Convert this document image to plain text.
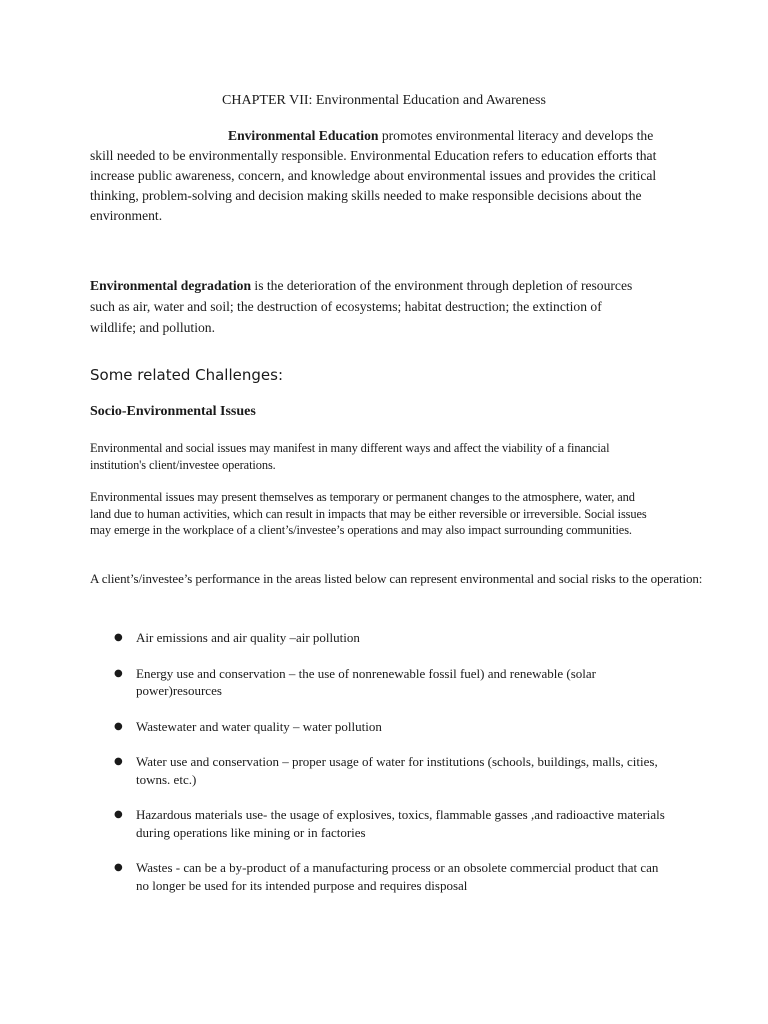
CHAPTER VII: Environmental Education and Awareness

Environmental Education promotes environmental literacy and develops the skill needed to be environmentally responsible. Environmental Education refers to education efforts that increase public awareness, concern, and knowledge about environmental issues and provides the critical thinking, problem-solving and decision making skills needed to make responsible decisions about the environment.

Environmental degradation is the deterioration of the environment through depletion of resources such as air, water and soil; the destruction of ecosystems; habitat destruction; the extinction of wildlife; and pollution.

Some related Challenges:
Socio-Environmental Issues

Environmental and social issues may manifest in many different ways and affect the viability of a financial institution's client/investee operations.

Environmental issues may present themselves as temporary or permanent changes to the atmosphere, water, and land due to human activities, which can result in impacts that may be either reversible or irreversible. Social issues may emerge in the workplace of a client’s/investee’s operations and may also impact surrounding communities.

A client’s/investee’s performance in the areas listed below can represent environmental and social risks to the operation:

● Air emissions and air quality –air pollution
● Energy use and conservation – the use of nonrenewable fossil fuel) and renewable (solar power)resources
● Wastewater and water quality – water pollution
● Water use and conservation – proper usage of water for institutions (schools, buildings, malls, cities, towns. etc.)
● Hazardous materials use- the usage of explosives, toxics, flammable gasses ,and radioactive materials during operations like mining or in factories
● Wastes - can be a by-product of a manufacturing process or an obsolete commercial product that can no longer be used for its intended purpose and requires disposal
